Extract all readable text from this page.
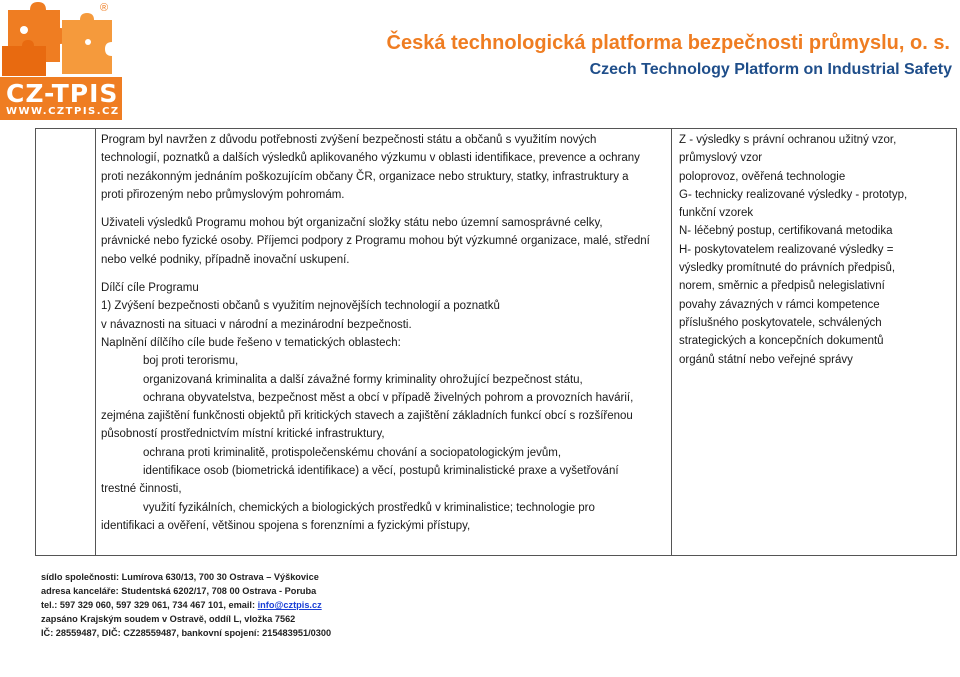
®
CZ-TPIS
WWW.CZTPIS.CZ
Česká technologická platforma bezpečnosti průmyslu, o. s.
Czech Technology Platform on Industrial Safety

Program byl navržen z důvodu potřebnosti zvýšení bezpečnosti státu a občanů s využitím nových

technologií, poznatků a dalších výsledků aplikovaného výzkumu v oblasti identifikace, prevence a ochrany

proti nezákonným jednáním poškozujícím občany ČR, organizace nebo struktury, statky, infrastruktury a

proti přirozeným nebo průmyslovým pohromám.

Uživateli výsledků Programu mohou být organizační složky státu nebo územní samosprávné celky,

právnické nebo fyzické osoby. Příjemci podpory z Programu mohou být výzkumné organizace, malé, střední

nebo velké podniky, případně inovační uskupení.

Dílčí cíle Programu

1) Zvýšení bezpečnosti občanů s využitím nejnovějších technologií a poznatků

v návaznosti na situaci v národní a mezinárodní bezpečnosti.

Naplnění dílčího cíle bude řešeno v tematických oblastech:

boj proti terorismu,

organizovaná kriminalita a další závažné formy kriminality ohrožující bezpečnost státu,

ochrana obyvatelstva, bezpečnost měst a obcí v případě živelných pohrom a provozních havárií,

zejména zajištění funkčnosti objektů při kritických stavech a zajištění základních funkcí obcí s rozšířenou

působností prostřednictvím místní kritické infrastruktury,

ochrana proti kriminalitě, protispolečenskému chování a sociopatologickým jevům,

identifikace osob (biometrická identifikace) a věcí, postupů kriminalistické praxe a vyšetřování

trestné činnosti,

využití fyzikálních, chemických a biologických prostředků v kriminalistice; technologie pro

identifikaci a ověření, většinou spojena s forenzními a fyzickými přístupy,

Z - výsledky s právní ochranou užitný vzor,

průmyslový vzor

poloprovoz, ověřená technologie

G- technicky realizované výsledky - prototyp,

funkční vzorek

N- léčebný postup, certifikovaná metodika

H- poskytovatelem realizované výsledky =

výsledky promítnuté do právních předpisů,

norem, směrnic a předpisů nelegislativní

povahy závazných v rámci kompetence

příslušného poskytovatele, schválených

strategických a koncepčních dokumentů

orgánů státní nebo veřejné správy

sídlo společnosti: Lumírova 630/13, 700 30 Ostrava – Výškovice

adresa kanceláře: Studentská 6202/17, 708 00 Ostrava - Poruba

tel.: 597 329 060, 597 329 061, 734 467 101, email: info@cztpis.cz

zapsáno Krajským soudem v Ostravě, oddíl L, vložka 7562

IČ: 28559487, DIČ: CZ28559487, bankovní spojení: 215483951/0300
